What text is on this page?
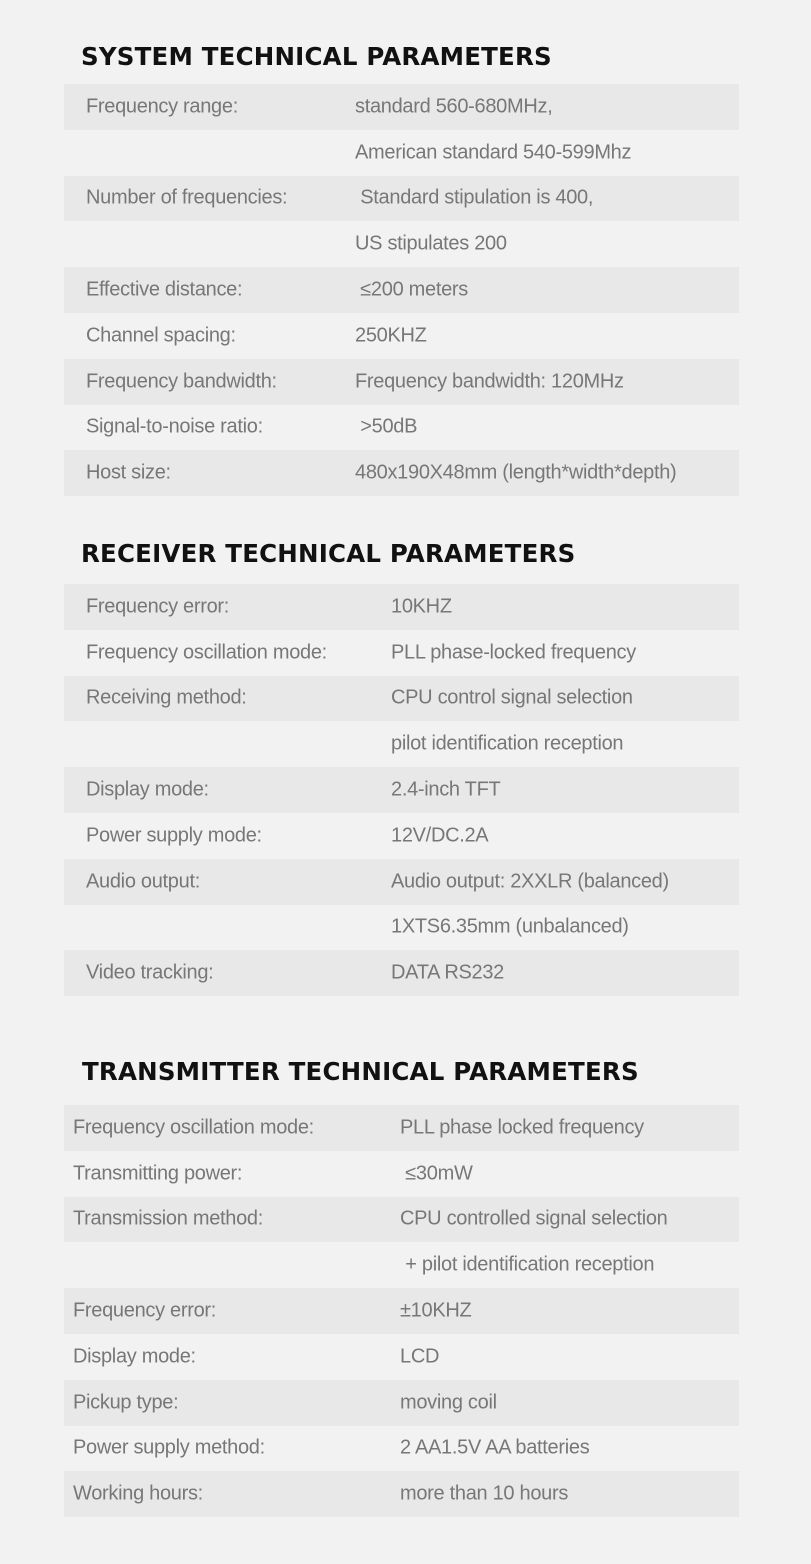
SYSTEM TECHNICAL PARAMETERS
Frequency range:	standard 560-680MHz,
American standard 540-599Mhz
Number of frequencies:	Standard stipulation is 400,
US stipulates 200
Effective distance:	≤200 meters
Channel spacing:	250KHZ
Frequency bandwidth:	Frequency bandwidth: 120MHz
Signal-to-noise ratio:	>50dB
Host size:	480x190X48mm (length*width*depth)
RECEIVER TECHNICAL PARAMETERS
Frequency error:	10KHZ
Frequency oscillation mode:	PLL phase-locked frequency
Receiving method:	CPU control signal selection
pilot identification reception
Display mode:	2.4-inch TFT
Power supply mode:	12V/DC.2A
Audio output:	Audio output: 2XXLR (balanced)
1XTS6.35mm (unbalanced)
Video tracking:	DATA RS232
TRANSMITTER TECHNICAL PARAMETERS
Frequency oscillation mode:	PLL phase locked frequency
Transmitting power:	≤30mW
Transmission method:	CPU controlled signal selection
+ pilot identification reception
Frequency error:	±10KHZ
Display mode:	LCD
Pickup type:	moving coil
Power supply method:	2 AA1.5V AA batteries
Working hours:	more than 10 hours
